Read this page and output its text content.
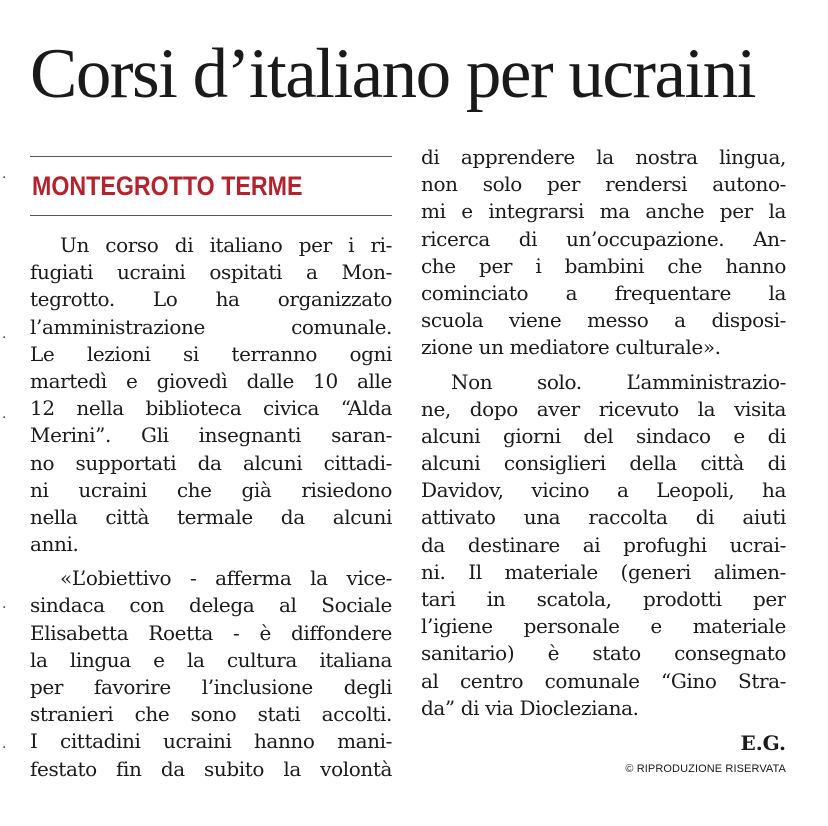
·
·
·
·
·
Corsi d’italiano per ucraini
MONTEGROTTO TERME
Un corso di italiano per i ri-
fugiati ucraini ospitati a Mon-
tegrotto. Lo ha organizzato
l’amministrazione comunale.
Le lezioni si terranno ogni
martedì e giovedì dalle 10 alle
12 nella biblioteca civica “Alda
Merini”. Gli insegnanti saran-
no supportati da alcuni cittadi-
ni ucraini che già risiedono
nella città termale da alcuni
anni.
«L’obiettivo - afferma la vice-
sindaca con delega al Sociale
Elisabetta Roetta - è diffondere
la lingua e la cultura italiana
per favorire l’inclusione degli
stranieri che sono stati accolti.
I cittadini ucraini hanno mani-
festato fin da subito la volontà
di apprendere la nostra lingua,
non solo per rendersi autono-
mi e integrarsi ma anche per la
ricerca di un’occupazione. An-
che per i bambini che hanno
cominciato a frequentare la
scuola viene messo a disposi-
zione un mediatore culturale».
Non solo. L’amministrazio-
ne, dopo aver ricevuto la visita
alcuni giorni del sindaco e di
alcuni consiglieri della città di
Davidov, vicino a Leopoli, ha
attivato una raccolta di aiuti
da destinare ai profughi ucrai-
ni. Il materiale (generi alimen-
tari in scatola, prodotti per
l’igiene personale e materiale
sanitario) è stato consegnato
al centro comunale “Gino Stra-
da” di via Diocleziana.
E.G.
© RIPRODUZIONE RISERVATA
